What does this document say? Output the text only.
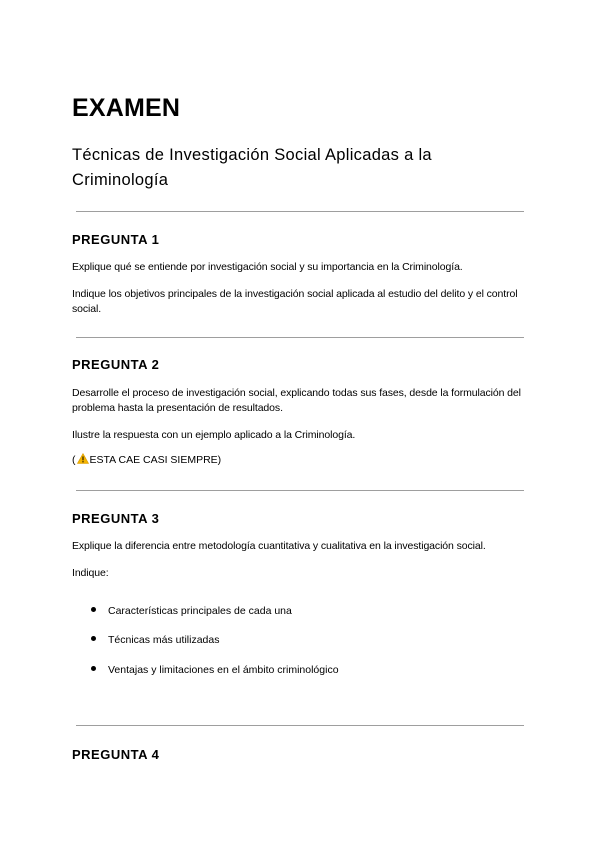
EXAMEN
Técnicas de Investigación Social Aplicadas a la
Criminología
PREGUNTA 1

Explique qué se entiende por investigación social y su importancia en la Criminología.

Indique los objetivos principales de la investigación social aplicada al estudio del delito y el control social.

PREGUNTA 2

Desarrolle el proceso de investigación social, explicando todas sus fases, desde la formulación del problema hasta la presentación de resultados.

Ilustre la respuesta con un ejemplo aplicado a la Criminología.

( ESTA CAE CASI SIEMPRE)

PREGUNTA 3

Explique la diferencia entre metodología cuantitativa y cualitativa en la investigación social.

Indique:

Características principales de cada una

Técnicas más utilizadas

Ventajas y limitaciones en el ámbito criminológico

PREGUNTA 4
